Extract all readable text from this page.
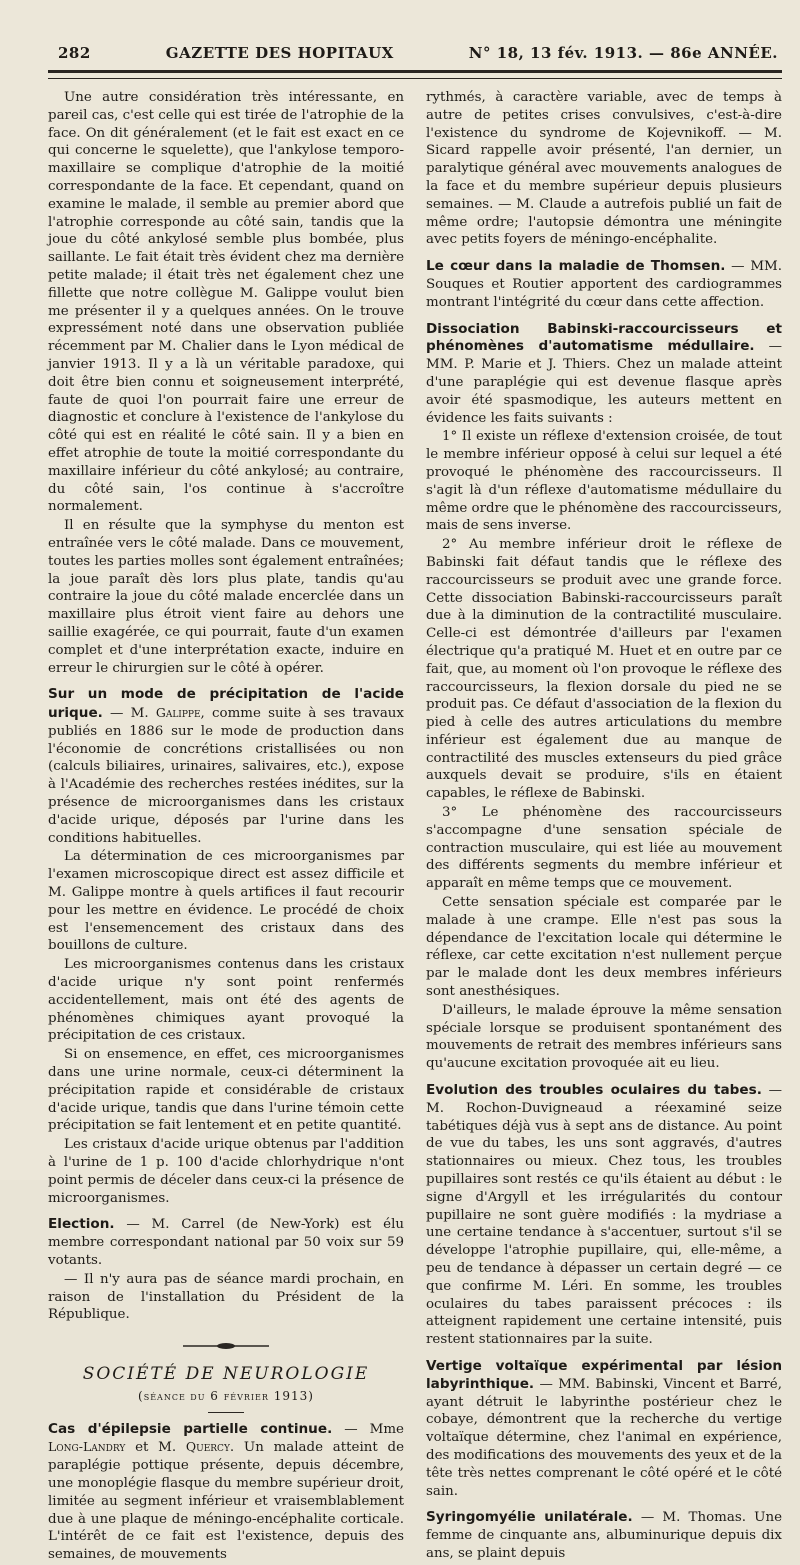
282	GAZETTE DES HOPITAUX	N° 18, 13 fév. 1913. — 86e ANNÉE.

Une autre considération très intéressante, en pareil cas, c'est celle qui est tirée de l'atrophie de la face. On dit généralement (et le fait est exact en ce qui concerne le squelette), que l'ankylose temporo-maxillaire se complique d'atrophie de la moitié correspondante de la face. Et cependant, quand on examine le malade, il semble au premier abord que l'atrophie corresponde au côté sain, tandis que la joue du côté ankylosé semble plus bombée, plus saillante. Le fait était très évident chez ma dernière petite malade; il était très net également chez une fillette que notre collègue M. Galippe voulut bien me présenter il y a quelques années. On le trouve expressément noté dans une observation publiée récemment par M. Chalier dans le Lyon médical de janvier 1913. Il y a là un véritable paradoxe, qui doit être bien connu et soigneusement interprété, faute de quoi l'on pourrait faire une erreur de diagnostic et conclure à l'existence de l'ankylose du côté qui est en réalité le côté sain. Il y a bien en effet atrophie de toute la moitié correspondante du maxillaire inférieur du côté ankylosé; au contraire, du côté sain, l'os continue à s'accroître normalement.

Il en résulte que la symphyse du menton est entraînée vers le côté malade. Dans ce mouvement, toutes les parties molles sont également entraînées; la joue paraît dès lors plus plate, tandis qu'au contraire la joue du côté malade encerclée dans un maxillaire plus étroit vient faire au dehors une saillie exagérée, ce qui pourrait, faute d'un examen complet et d'une interprétation exacte, induire en erreur le chirurgien sur le côté à opérer.

Sur un mode de précipitation de l'acide urique. — M. Galippe, comme suite à ses travaux publiés en 1886 sur le mode de production dans l'économie de concrétions cristallisées ou non (calculs biliaires, urinaires, salivaires, etc.), expose à l'Académie des recherches restées inédites, sur la présence de microorganismes dans les cristaux d'acide urique, déposés par l'urine dans les conditions habituelles.

La détermination de ces microorganismes par l'examen microscopique direct est assez difficile et M. Galippe montre à quels artifices il faut recourir pour les mettre en évidence. Le procédé de choix est l'ensemencement des cristaux dans des bouillons de culture.

Les microorganismes contenus dans les cristaux d'acide urique n'y sont point renfermés accidentellement, mais ont été des agents de phénomènes chimiques ayant provoqué la précipitation de ces cristaux.

Si on ensemence, en effet, ces microorganismes dans une urine normale, ceux-ci déterminent la précipitation rapide et considérable de cristaux d'acide urique, tandis que dans l'urine témoin cette précipitation se fait lentement et en petite quantité.

Les cristaux d'acide urique obtenus par l'addition à l'urine de 1 p. 100 d'acide chlorhydrique n'ont point permis de déceler dans ceux-ci la présence de microorganismes.

Election. — M. Carrel (de New-York) est élu membre correspondant national par 50 voix sur 59 votants.

— Il n'y aura pas de séance mardi prochain, en raison de l'installation du Président de la République.

SOCIÉTÉ DE NEUROLOGIE
(séance du 6 février 1913)

Cas d'épilepsie partielle continue. — Mme Long-Landry et M. Quercy. Un malade atteint de paraplégie pottique présente, depuis décembre, une monoplégie flasque du membre supérieur droit, limitée au segment inférieur et vraisemblablement due à une plaque de méningo-encéphalite corticale. L'intérêt de ce fait est l'existence, depuis des semaines, de mouvements

rythmés, à caractère variable, avec de temps à autre de petites crises convulsives, c'est-à-dire l'existence du syndrome de Kojevnikoff. — M. Sicard rappelle avoir présenté, l'an dernier, un paralytique général avec mouvements analogues de la face et du membre supérieur depuis plusieurs semaines. — M. Claude a autrefois publié un fait de même ordre; l'autopsie démontra une méningite avec petits foyers de méningo-encéphalite.

Le cœur dans la maladie de Thomsen. — MM. Souques et Routier apportent des cardiogrammes montrant l'intégrité du cœur dans cette affection.

Dissociation Babinski-raccourcisseurs et phénomènes d'automatisme médullaire. — MM. P. Marie et J. Thiers. Chez un malade atteint d'une paraplégie qui est devenue flasque après avoir été spasmodique, les auteurs mettent en évidence les faits suivants :

1° Il existe un réflexe d'extension croisée, de tout le membre inférieur opposé à celui sur lequel a été provoqué le phénomène des raccourcisseurs. Il s'agit là d'un réflexe d'automatisme médullaire du même ordre que le phénomène des raccourcisseurs, mais de sens inverse.

2° Au membre inférieur droit le réflexe de Babinski fait défaut tandis que le réflexe des raccourcisseurs se produit avec une grande force. Cette dissociation Babinski-raccourcisseurs paraît due à la diminution de la contractilité musculaire. Celle-ci est démontrée d'ailleurs par l'examen électrique qu'a pratiqué M. Huet et en outre par ce fait, que, au moment où l'on provoque le réflexe des raccourcisseurs, la flexion dorsale du pied ne se produit pas. Ce défaut d'association de la flexion du pied à celle des autres articulations du membre inférieur est également due au manque de contractilité des muscles extenseurs du pied grâce auxquels devait se produire, s'ils en étaient capables, le réflexe de Babinski.

3° Le phénomène des raccourcisseurs s'accompagne d'une sensation spéciale de contraction musculaire, qui est liée au mouvement des différents segments du membre inférieur et apparaît en même temps que ce mouvement.

Cette sensation spéciale est comparée par le malade à une crampe. Elle n'est pas sous la dépendance de l'excitation locale qui détermine le réflexe, car cette excitation n'est nullement perçue par le malade dont les deux membres inférieurs sont anesthésiques.

D'ailleurs, le malade éprouve la même sensation spéciale lorsque se produisent spontanément des mouvements de retrait des membres inférieurs sans qu'aucune excitation provoquée ait eu lieu.

Evolution des troubles oculaires du tabes. — M. Rochon-Duvigneaud a réexaminé seize tabétiques déjà vus à sept ans de distance. Au point de vue du tabes, les uns sont aggravés, d'autres stationnaires ou mieux. Chez tous, les troubles pupillaires sont restés ce qu'ils étaient au début : le signe d'Argyll et les irrégularités du contour pupillaire ne sont guère modifiés : la mydriase a une certaine tendance à s'accentuer, surtout s'il se développe l'atrophie pupillaire, qui, elle-même, a peu de tendance à dépasser un certain degré — ce que confirme M. Léri. En somme, les troubles oculaires du tabes paraissent précoces : ils atteignent rapidement une certaine intensité, puis restent stationnaires par la suite.

Vertige voltaïque expérimental par lésion labyrinthique. — MM. Babinski, Vincent et Barré, ayant détruit le labyrinthe postérieur chez le cobaye, démontrent que la recherche du vertige voltaïque détermine, chez l'animal en expérience, des modifications des mouvements des yeux et de la tête très nettes comprenant le côté opéré et le côté sain.

Syringomyélie unilatérale. — M. Thomas. Une femme de cinquante ans, albuminurique depuis dix ans, se plaint depuis
